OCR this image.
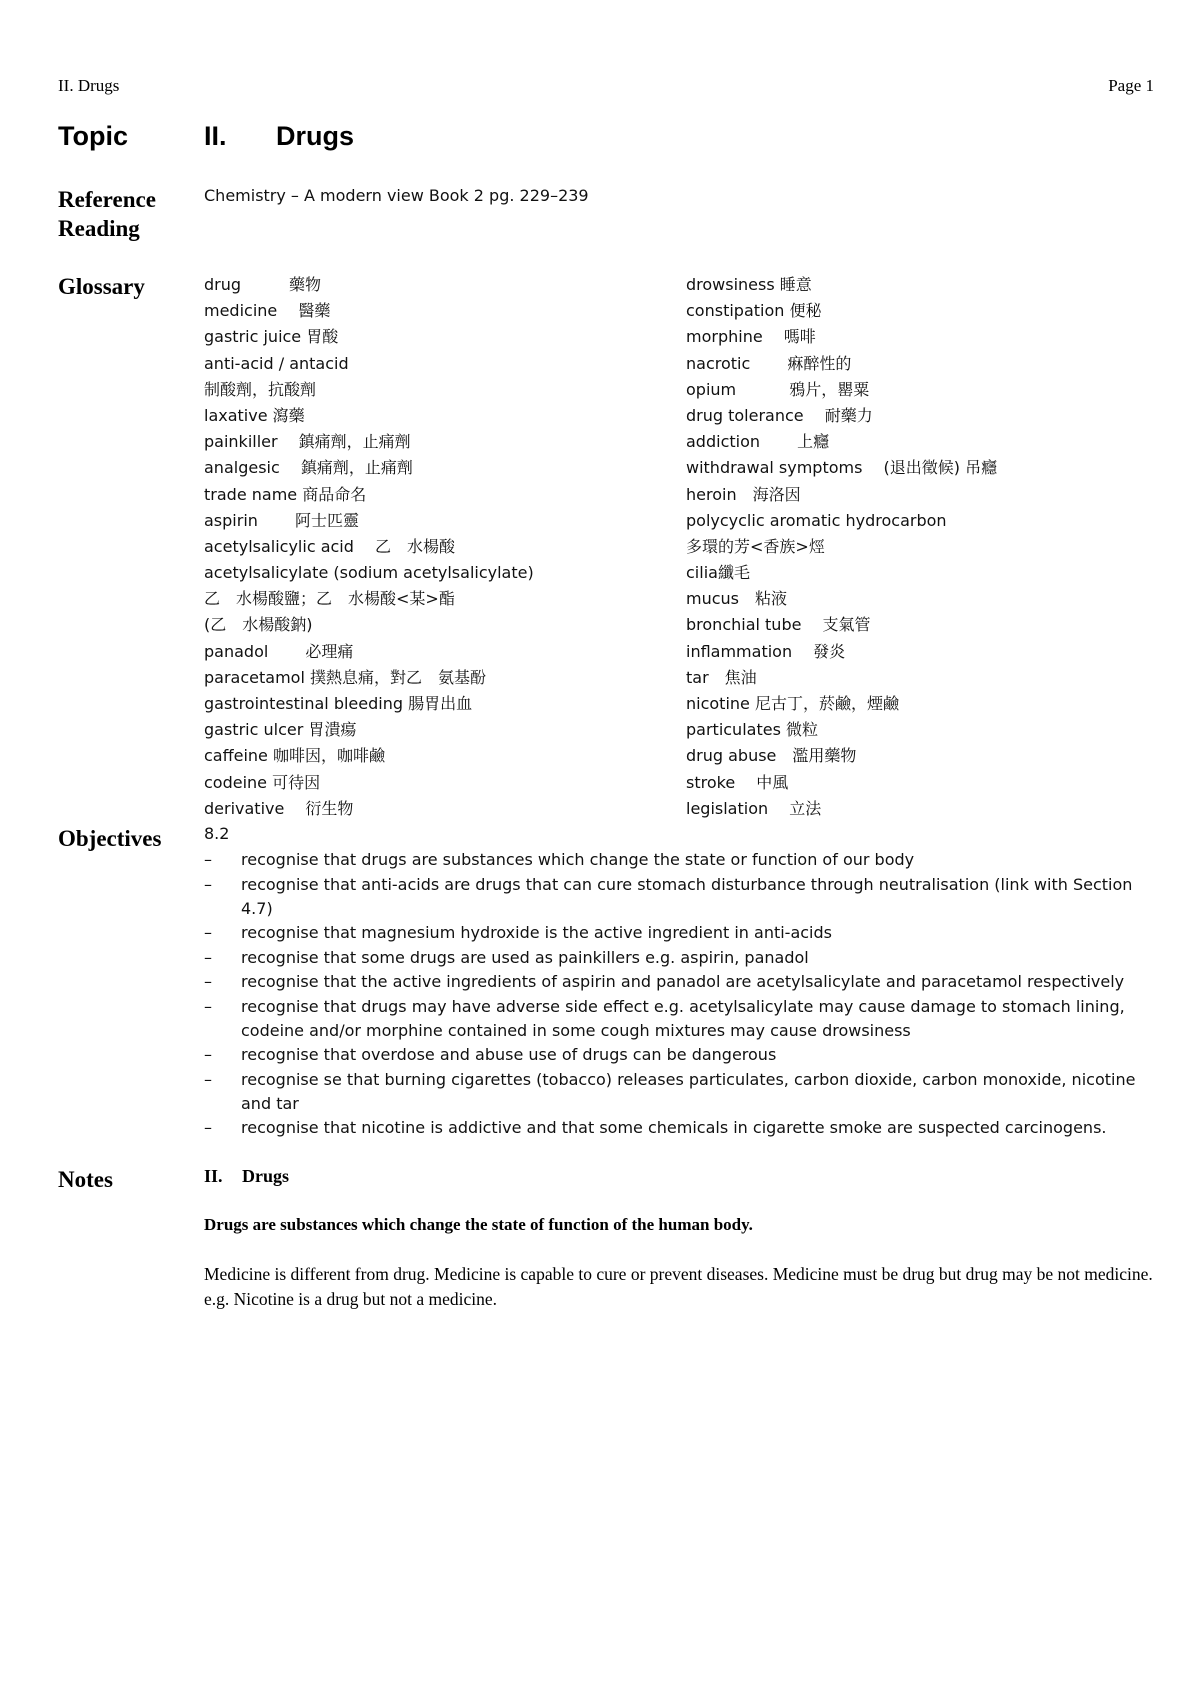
II. Drugs	Page 1
Topic	II. Drugs
Reference
Reading
Chemistry – A modern view Book 2 pg. 229–239
Glossary	drug　　　藥物
medicine　 醫藥
gastric juice 胃酸
anti-acid / antacid
制酸劑，抗酸劑
laxative 瀉藥
painkiller　 鎮痛劑，止痛劑
analgesic　 鎮痛劑，止痛劑
trade name 商品命名
aspirin　　 阿士匹靈
acetylsalicylic acid　 乙　水楊酸
acetylsalicylate (sodium acetylsalicylate)
乙　水楊酸鹽；乙　水楊酸<某>酯
(乙　水楊酸鈉)
panadol　　 必理痛
paracetamol 撲熱息痛，對乙　氨基酚
gastrointestinal bleeding 腸胃出血
gastric ulcer 胃潰瘍
caffeine 咖啡因，咖啡鹼
codeine 可待因
derivative　 衍生物
drowsiness 睡意
constipation 便秘
morphine　 嗎啡
nacrotic　　 痳醉性的
opium　　　 鴉片，罌粟
drug tolerance　 耐藥力
addiction　　 上癮
withdrawal symptoms　 (退出徵候) 吊癮
heroin　海洛因
polycyclic aromatic hydrocarbon
多環的芳<香族>烴
cilia纖毛
mucus　粘液
bronchial tube　 支氣管
inflammation　 發炎
tar　焦油
nicotine 尼古丁，菸鹼，煙鹼
particulates 微粒
drug abuse　濫用藥物
stroke　 中風
legislation　 立法
Objectives	8.2
– recognise that drugs are substances which change the state or function of our body
– recognise that anti-acids are drugs that can cure stomach disturbance through neutralisation (link with Section 4.7)
– recognise that magnesium hydroxide is the active ingredient in anti-acids
– recognise that some drugs are used as painkillers e.g. aspirin, panadol
– recognise that the active ingredients of aspirin and panadol are acetylsalicylate and paracetamol respectively
– recognise that drugs may have adverse side effect e.g. acetylsalicylate may cause damage to stomach lining, codeine and/or morphine contained in some cough mixtures may cause drowsiness
– recognise that overdose and abuse use of drugs can be dangerous
– recognise se that burning cigarettes (tobacco) releases particulates, carbon dioxide, carbon monoxide, nicotine and tar
– recognise that nicotine is addictive and that some chemicals in cigarette smoke are suspected carcinogens.
Notes	II. Drugs
Drugs are substances which change the state of function of the human body.
Medicine is different from drug. Medicine is capable to cure or prevent diseases. Medicine must be drug but drug may be not medicine. e.g. Nicotine is a drug but not a medicine.
